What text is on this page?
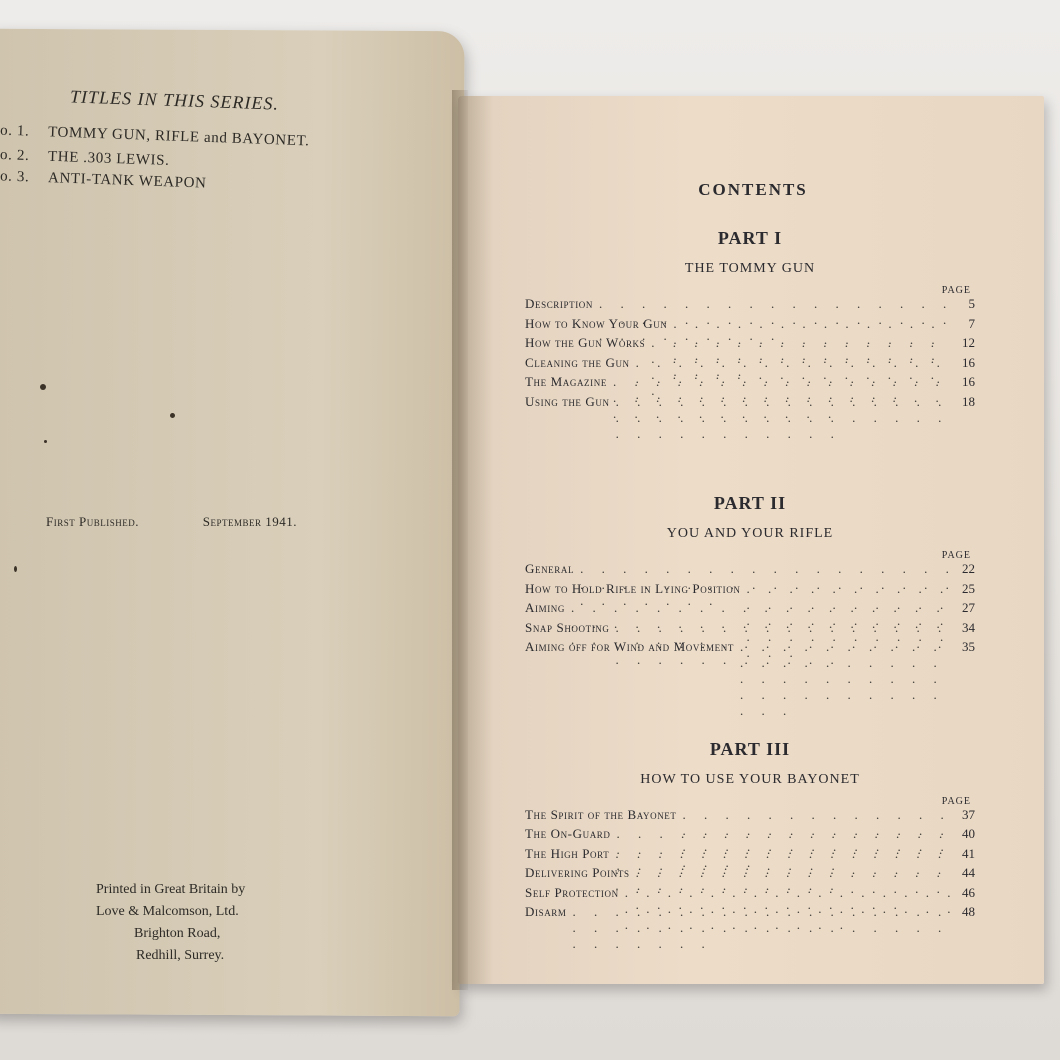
TITLES IN THIS SERIES.
o. 1. TOMMY GUN, RIFLE and BAYONET.
o. 2. THE .303 LEWIS.
o. 3. ANTI-TANK WEAPON
First Published.	September 1941.
Printed in Great Britain by
Love & Malcomson, Ltd.
Brighton Road,
Redhill, Surrey.
CONTENTS
PART I
THE TOMMY GUN
PAGE
Description . . .	5
How to Know Your Gun . . .	7
How the Gun Works . . .	12
Cleaning the Gun . . .	16
The Magazine . . .	16
Using the Gun . . .	18
PART II
YOU AND YOUR RIFLE
PAGE
General . . .	22
How to Hold Rifle in Lying Position . . .	25
Aiming . . .	27
Snap Shooting . . .	34
Aiming off for Wind and Movement . . .	35
PART III
HOW TO USE YOUR BAYONET
PAGE
The Spirit of the Bayonet . . .	37
The On-Guard . . .	40
The High Port . . .	41
Delivering Points . . .	44
Self Protection . . .	46
Disarm . . .	48
